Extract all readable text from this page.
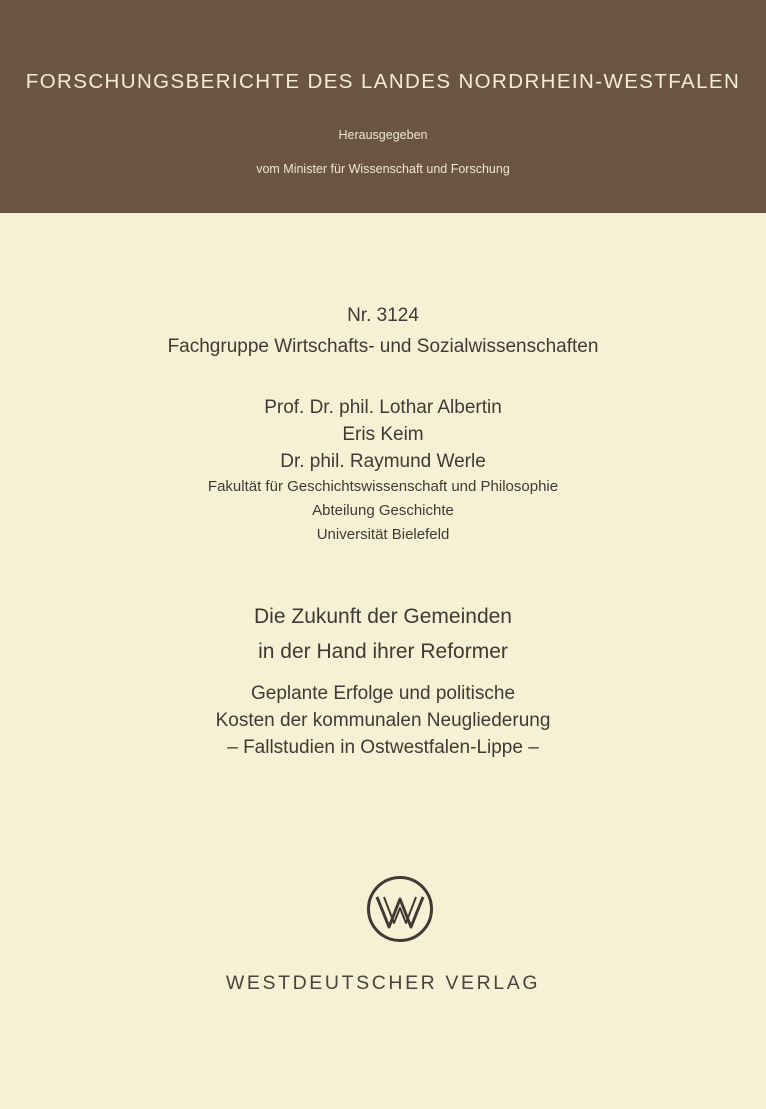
FORSCHUNGSBERICHTE DES LANDES NORDRHEIN-WESTFALEN
Herausgegeben
vom Minister für Wissenschaft und Forschung
Nr. 3124
Fachgruppe Wirtschafts- und Sozialwissenschaften
Prof. Dr. phil. Lothar Albertin
Eris Keim
Dr. phil. Raymund Werle
Fakultät für Geschichtswissenschaft und Philosophie
Abteilung Geschichte
Universität Bielefeld
Die Zukunft der Gemeinden
in der Hand ihrer Reformer
Geplante Erfolge und politische
Kosten der kommunalen Neugliederung
– Fallstudien in Ostwestfalen-Lippe –
WESTDEUTSCHER VERLAG
